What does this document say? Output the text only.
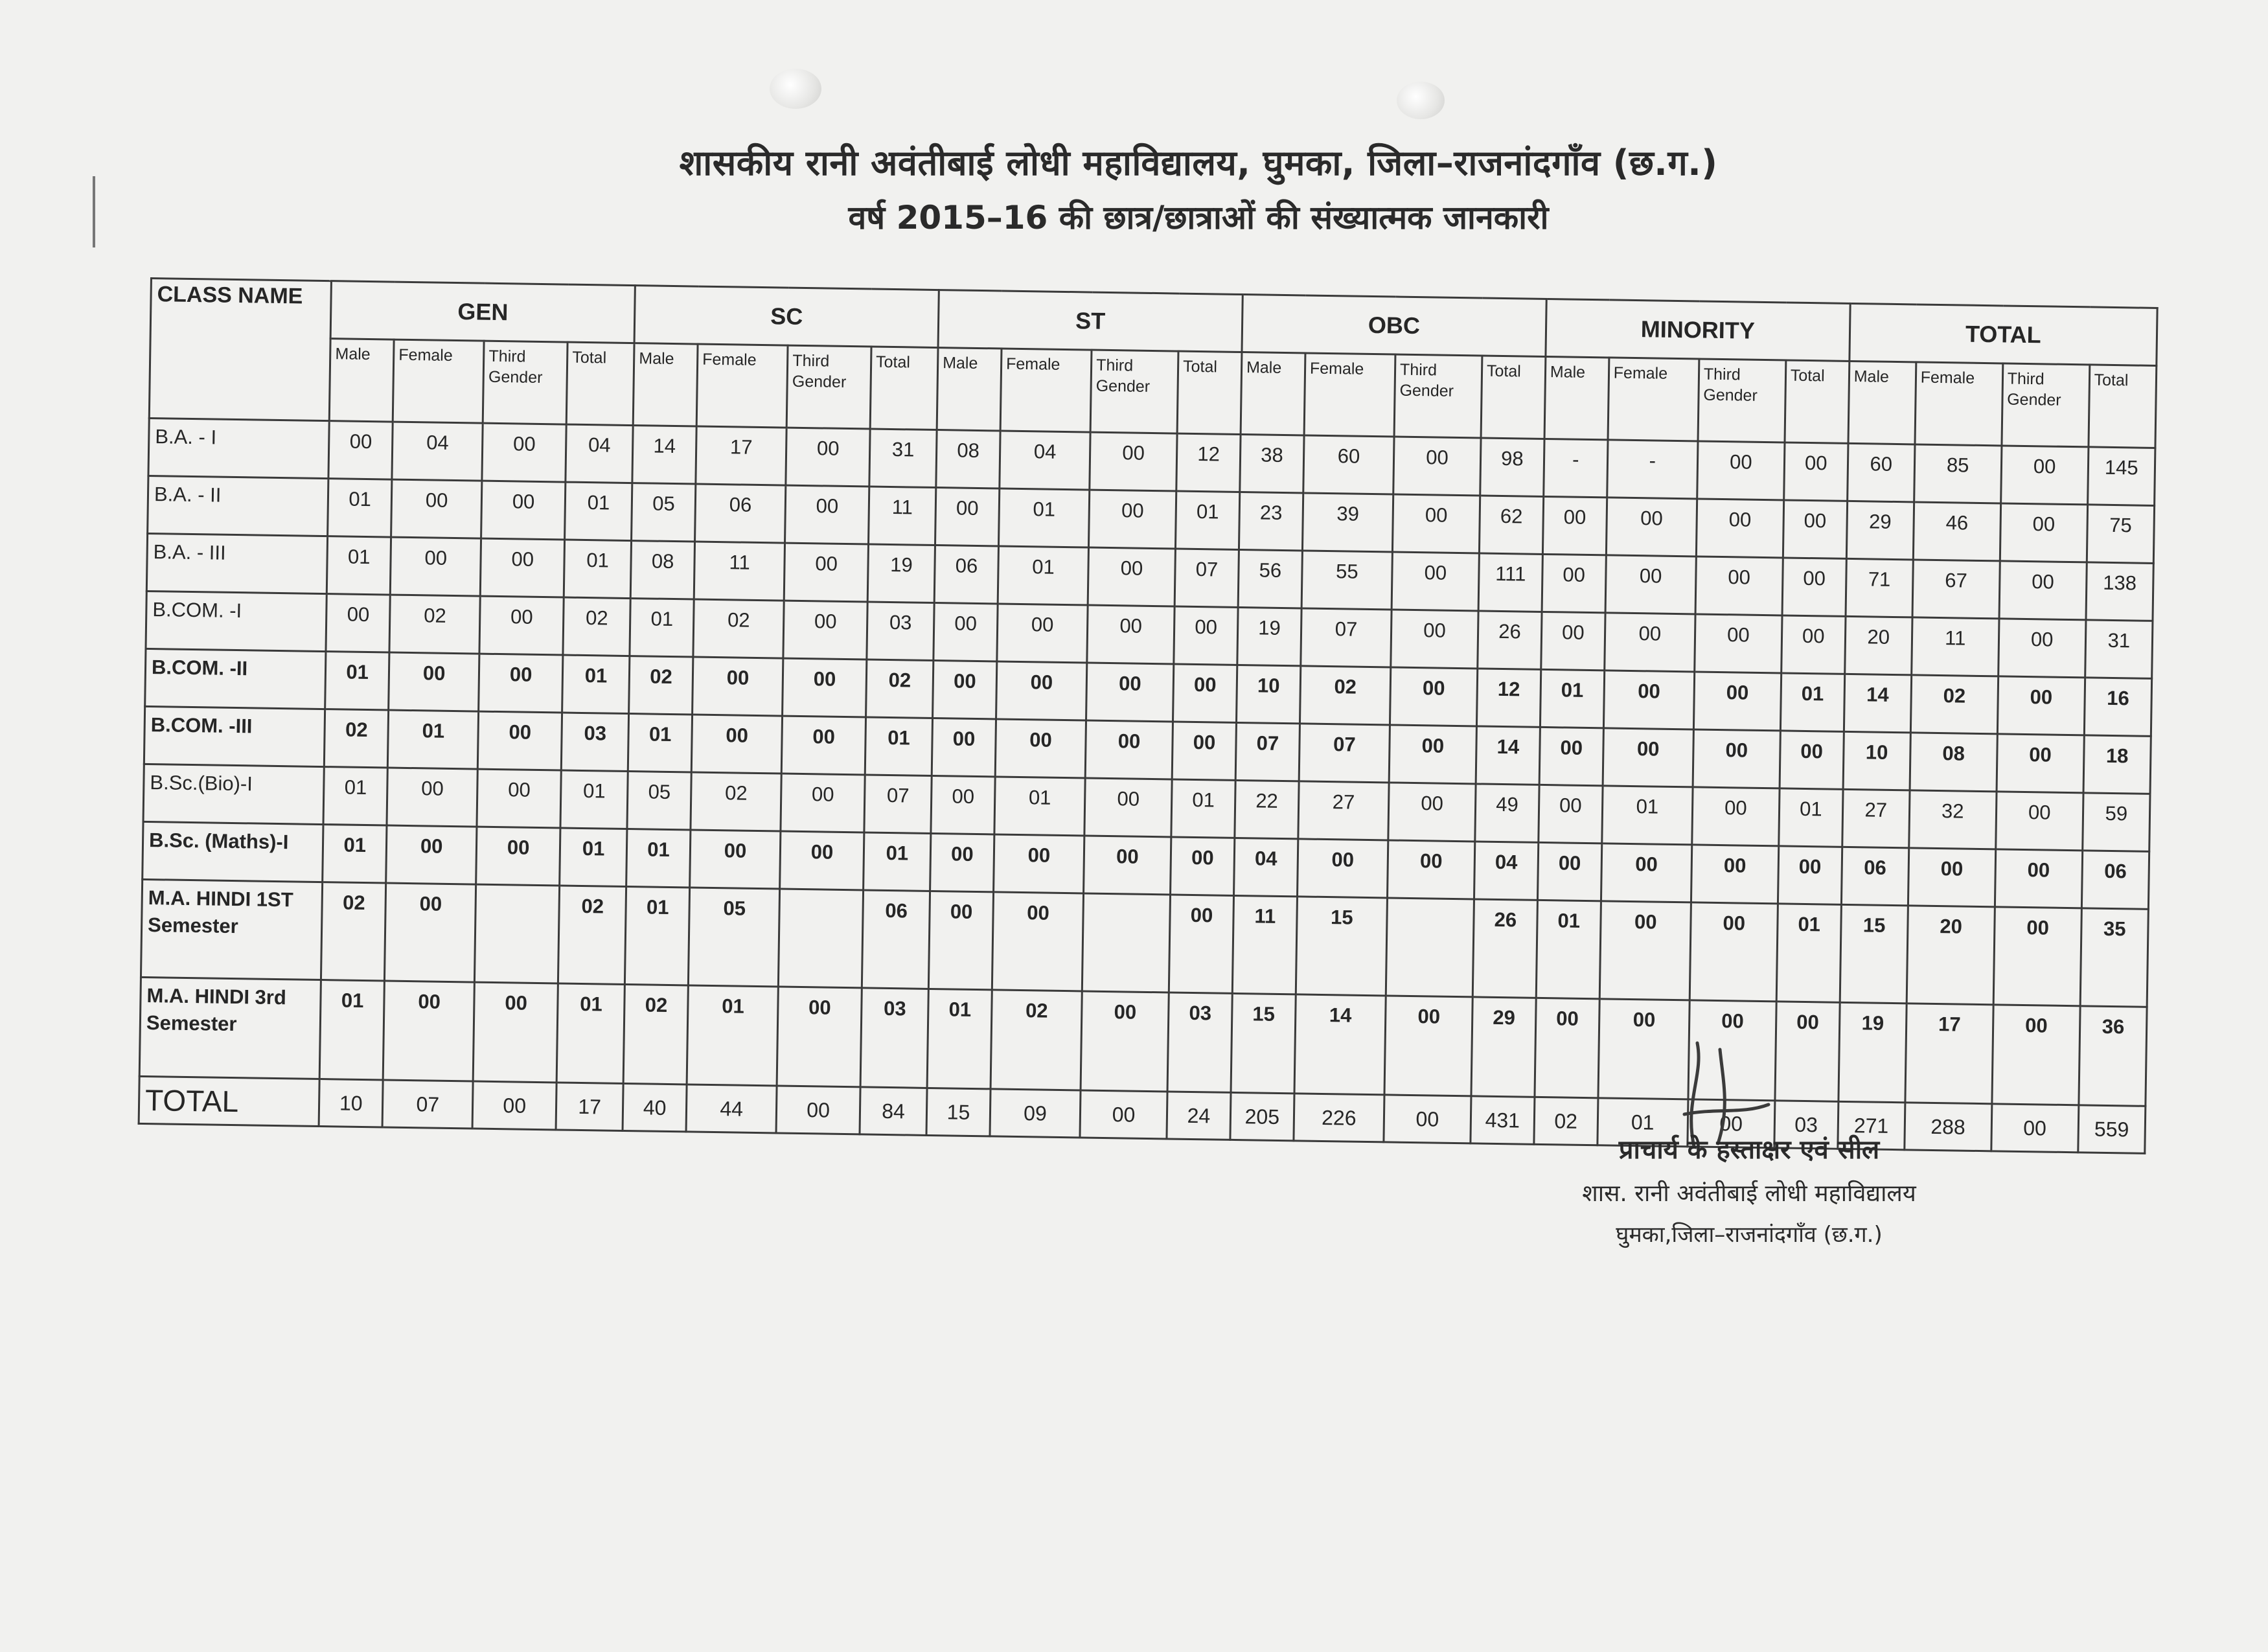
शासकीय रानी अवंतीबाई लोधी महाविद्यालय, घुमका, जिला–राजनांदगाँव (छ.ग.)
वर्ष 2015–16 की छात्र/छात्राओं की संख्यात्मक जानकारी
CLASS NAME	GEN				SC				ST				OBC				MINORITY				TOTAL			
	Male	Female	Third Gender	Total	Male	Female	Third Gender	Total	Male	Female	Third Gender	Total	Male	Female	Third Gender	Total	Male	Female	Third Gender	Total	Male	Female	Third Gender	Total
B.A. - I	00	04	00	04	14	17	00	31	08	04	00	12	38	60	00	98	-	-	00	00	60	85	00	145
B.A. - II	01	00	00	01	05	06	00	11	00	01	00	01	23	39	00	62	00	00	00	00	29	46	00	75
B.A. - III	01	00	00	01	08	11	00	19	06	01	00	07	56	55	00	111	00	00	00	00	71	67	00	138
B.COM. -I	00	02	00	02	01	02	00	03	00	00	00	00	19	07	00	26	00	00	00	00	20	11	00	31
B.COM. -II	01	00	00	01	02	00	00	02	00	00	00	00	10	02	00	12	01	00	00	01	14	02	00	16
B.COM. -III	02	01	00	03	01	00	00	01	00	00	00	00	07	07	00	14	00	00	00	00	10	08	00	18
B.Sc.(Bio)-I	01	00	00	01	05	02	00	07	00	01	00	01	22	27	00	49	00	01	00	01	27	32	00	59
B.Sc. (Maths)-I	01	00	00	01	01	00	00	01	00	00	00	00	04	00	00	04	00	00	00	00	06	00	00	06
M.A. HINDI 1ST Semester	02	00		02	01	05		06	00	00		00	11	15		26	01	00	00	01	15	20	00	35
M.A. HINDI 3rd Semester	01	00	00	01	02	01	00	03	01	02	00	03	15	14	00	29	00	00	00	00	19	17	00	36
TOTAL	10	07	00	17	40	44	00	84	15	09	00	24	205	226	00	431	02	01	00	03	271	288	00	559
प्राचार्य के हस्ताक्षर एवं सील
शास. रानी अवंतीबाई लोधी महाविद्यालय
घुमका,जिला–राजनांदगाँव (छ.ग.)
